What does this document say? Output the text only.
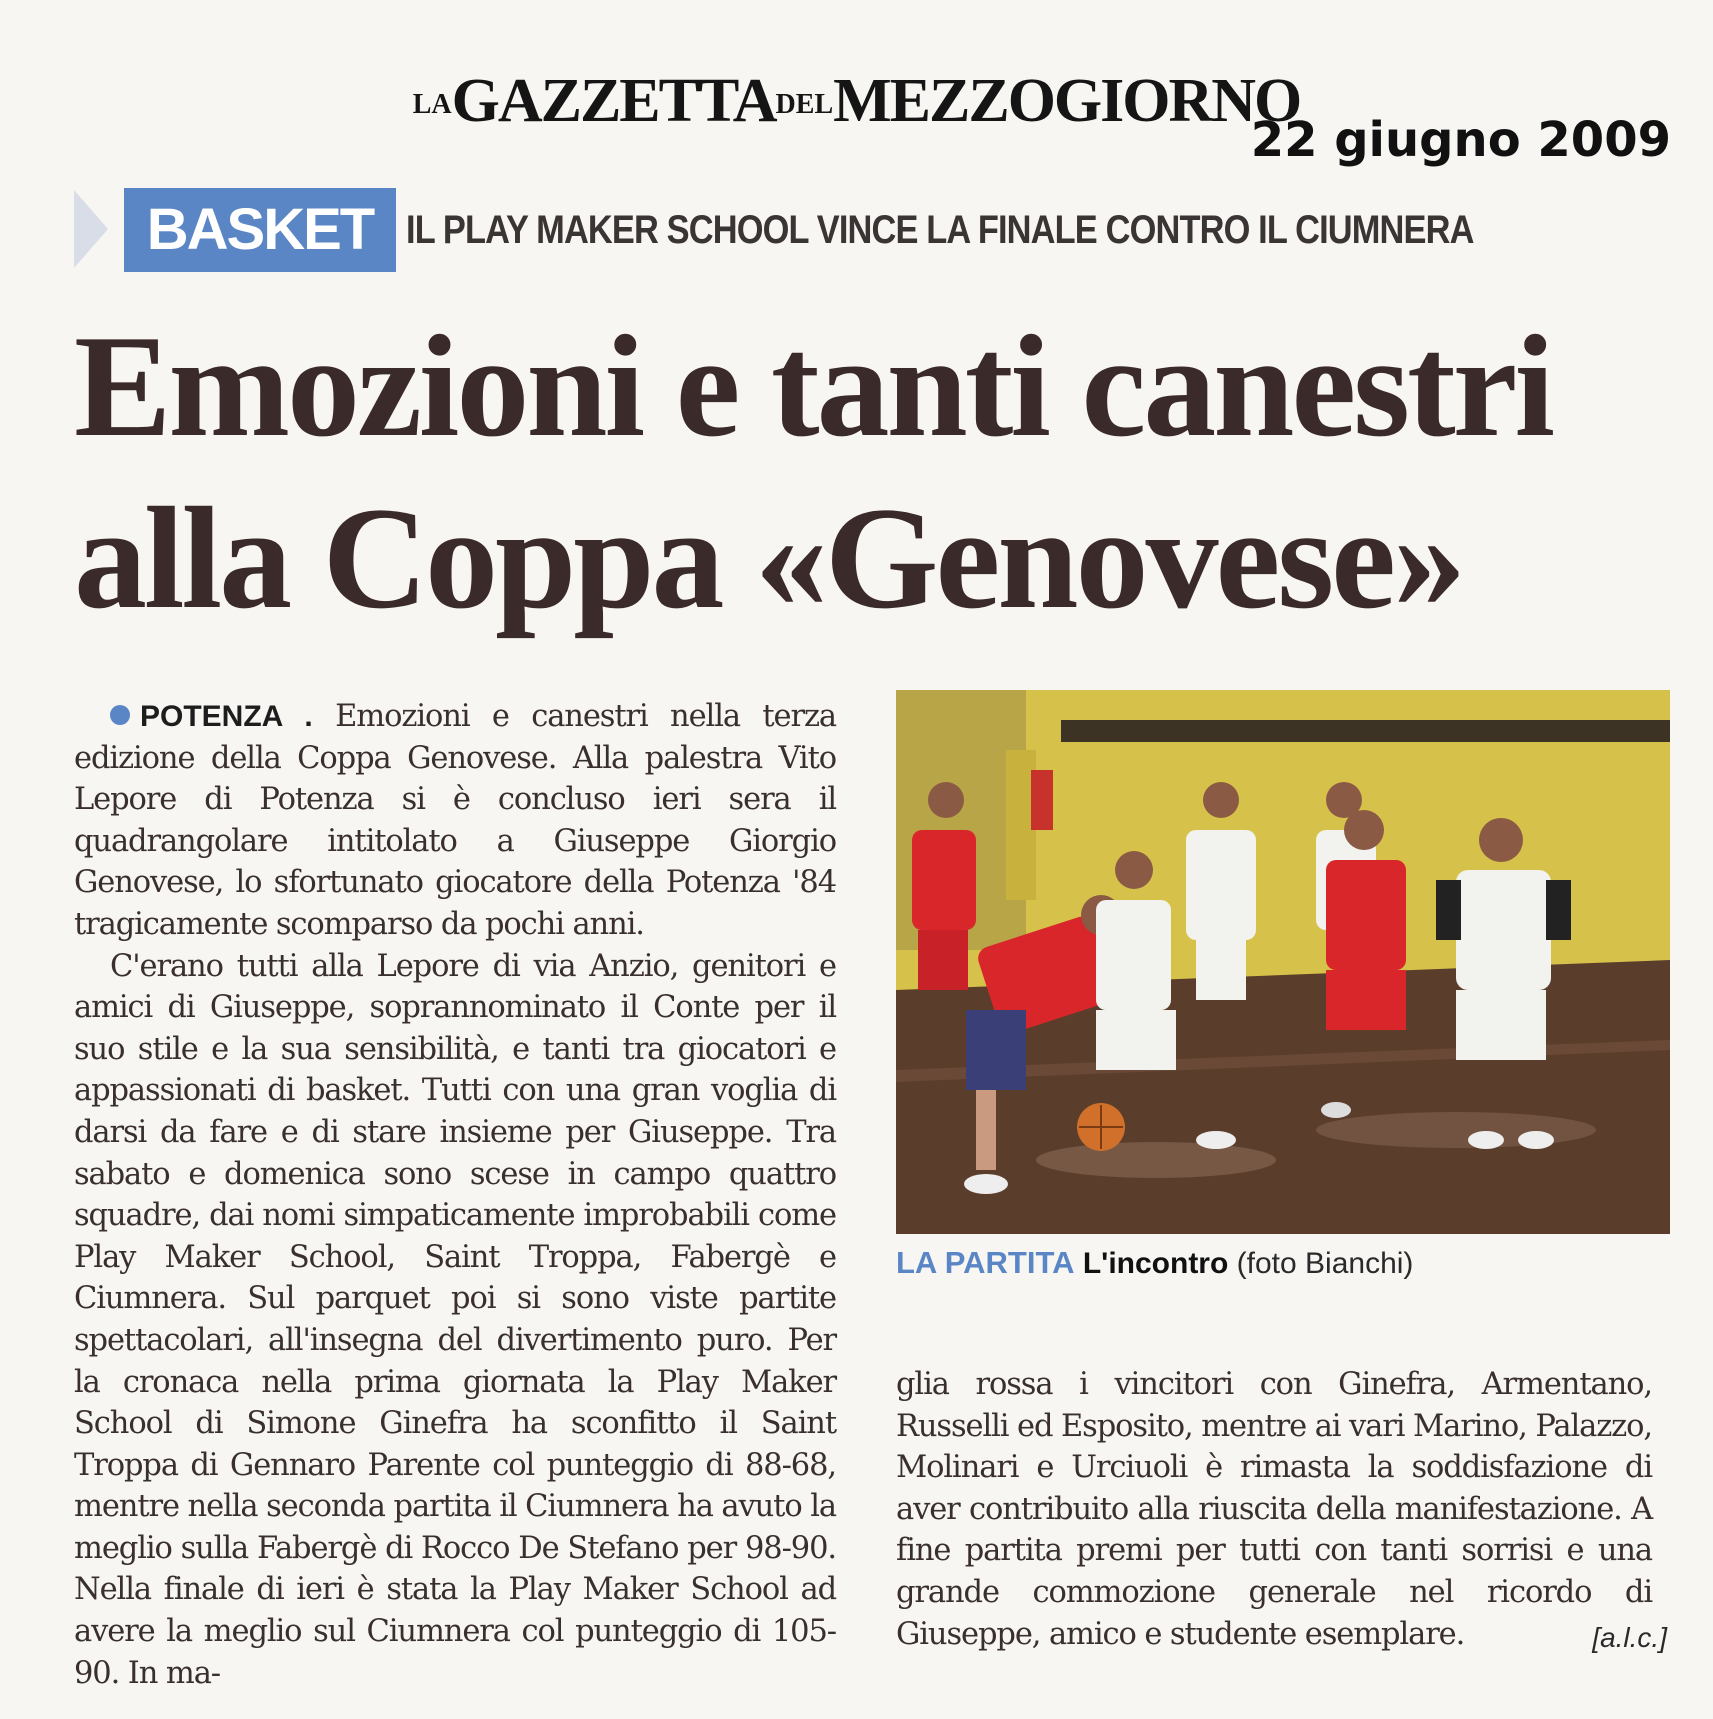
LAGAZZETTADELMEZZOGIORNO
22 giugno 2009
BASKET IL PLAY MAKER SCHOOL VINCE LA FINALE CONTRO IL CIUMNERA
Emozioni e tanti canestri
alla Coppa «Genovese»

POTENZA . Emozioni e canestri nella terza edizione della Coppa Genovese. Alla palestra Vito Lepore di Potenza si è concluso ieri sera il quadrangolare intitolato a Giuseppe Giorgio Genovese, lo sfortunato giocatore della Potenza '84 tragicamente scomparso da pochi anni.

C'erano tutti alla Lepore di via Anzio, genitori e amici di Giuseppe, soprannominato il Conte per il suo stile e la sua sensibilità, e tanti tra giocatori e appassionati di basket. Tutti con una gran voglia di darsi da fare e di stare insieme per Giuseppe. Tra sabato e domenica sono scese in campo quattro squadre, dai nomi simpaticamente improbabili come Play Maker School, Saint Troppa, Fabergè e Ciumnera. Sul parquet poi si sono viste partite spettacolari, all'insegna del divertimento puro. Per la cronaca nella prima giornata la Play Maker School di Simone Ginefra ha sconfitto il Saint Troppa di Gennaro Parente col punteggio di 88-68, mentre nella seconda partita il Ciumnera ha avuto la meglio sulla Fabergè di Rocco De Stefano per 98-90. Nella finale di ieri è stata la Play Maker School ad avere la meglio sul Ciumnera col punteggio di 105-90. In ma-

LA PARTITA L'incontro (foto Bianchi)

glia rossa i vincitori con Ginefra, Armentano, Russelli ed Esposito, mentre ai vari Marino, Palazzo, Molinari e Urciuoli è rimasta la soddisfazione di aver contribuito alla riuscita della manifestazione. A fine partita premi per tutti con tanti sorrisi e una grande commozione generale nel ricordo di Giuseppe, amico e studente esemplare.	[a.l.c.]
